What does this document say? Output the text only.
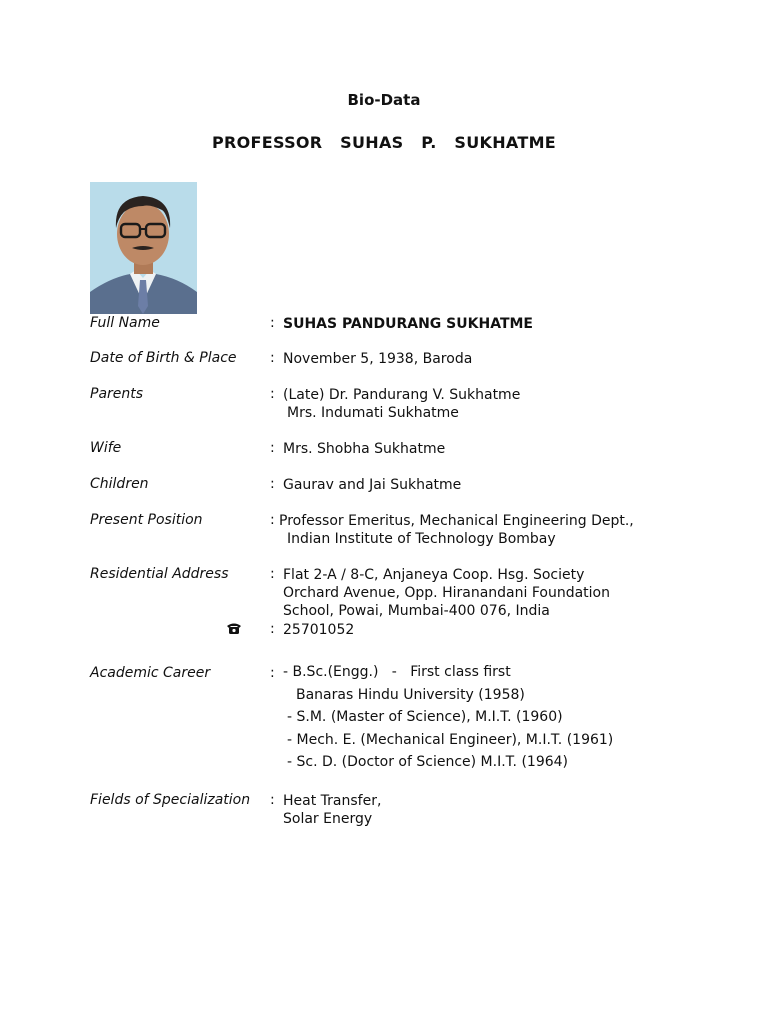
Bio-Data
PROFESSOR  SUHAS  P.  SUKHATME
Full Name	: SUHAS PANDURANG SUKHATME
Date of Birth & Place : November 5, 1938, Baroda
Parents	: (Late) Dr. Pandurang V. Sukhatme
Mrs. Indumati Sukhatme
Wife	: Mrs. Shobha Sukhatme
Children	: Gaurav and Jai Sukhatme
Present Position	: Professor Emeritus, Mechanical Engineering Dept.,
Indian Institute of Technology Bombay
Residential Address	: Flat 2-A / 8-C, Anjaneya Coop. Hsg. Society
Orchard Avenue, Opp. Hiranandani Foundation
School, Powai, Mumbai-400 076, India
: 25701052
Academic Career	: - B.Sc.(Engg.)   -   First class first
Banaras Hindu University (1958)
- S.M. (Master of Science), M.I.T. (1960)
- Mech. E. (Mechanical Engineer), M.I.T. (1961)
- Sc. D. (Doctor of Science) M.I.T. (1964)
Fields of Specialization : Heat Transfer,
Solar Energy
